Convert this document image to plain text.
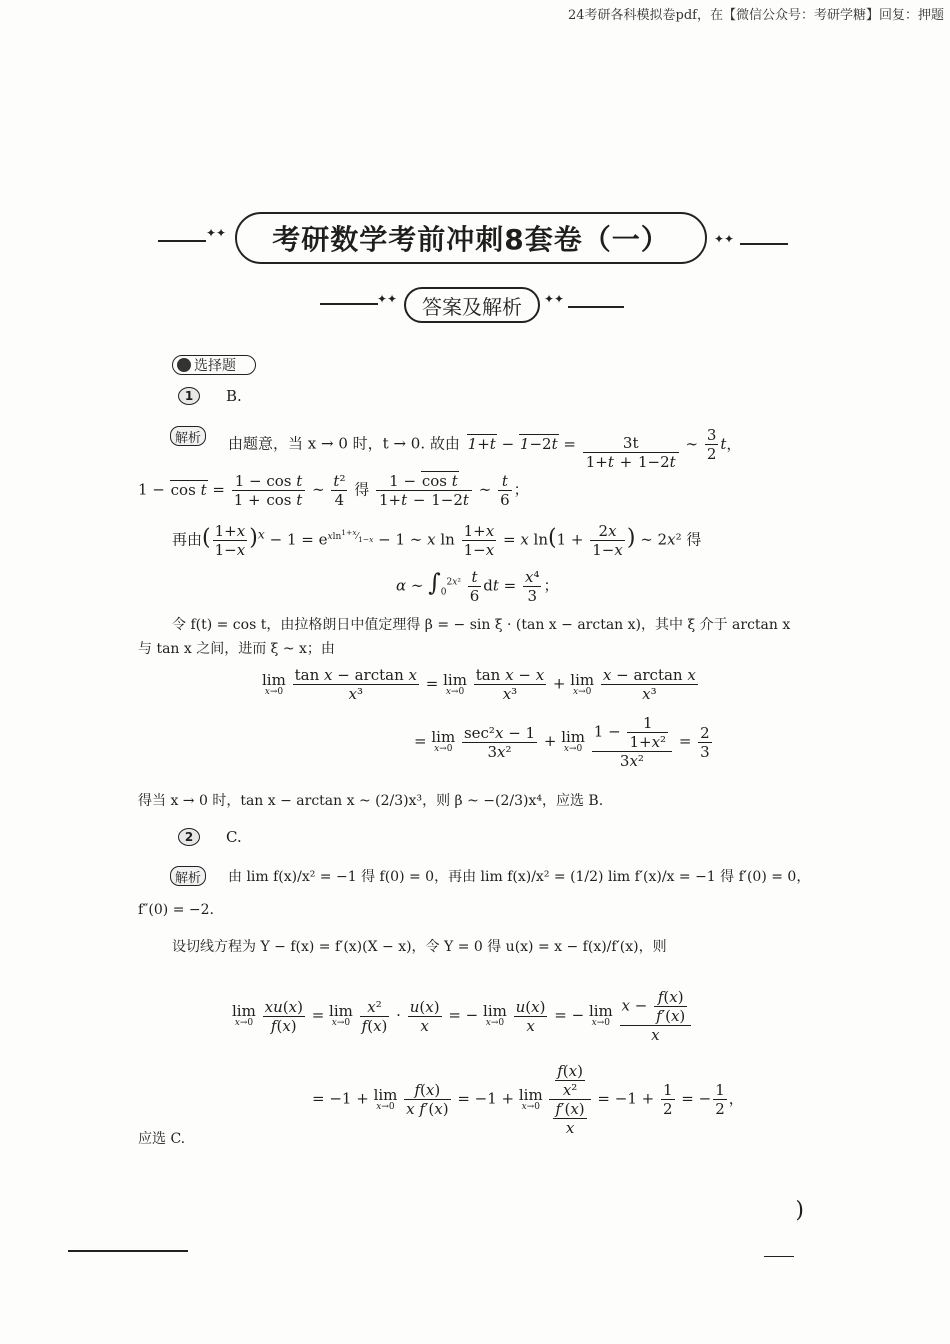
24考研各科模拟卷pdf，在【微信公众号：考研学糖】回复：押题
✦✦	考研数学考前冲刺8套卷（一）	✦✦
✦✦	答案及解析	✦✦
选择题
1	B.
解析	由题意，当 x → 0 时，t → 0. 故由 $1+t - 1-2t = \frac{3t}{1+t + 1-2t}$ ∼ $\frac{3}{2}$ t，
$1 - \cos t = \frac{\text{1 − cos t}}{\text{1 + cos t}}$ ∼ $\frac{\text{t²}}{4}$ 得 $\frac{\text{1 − cos t}}{1+t - 1-2t}$ ∼ $\frac{t}{6}$ ；
再由( $\frac{1+x}{1-x} )^x - 1 = e^{xln^{1+x}⁄_{1-x}} - 1$ ∼ x $\ln \frac{1+x}{1-x} = x$ $\ln(1 + \frac{2x}{1-x}$ ) ∼ 2x² 得
α ∼ $\int_0^{2x^2} \frac{t}{6}$ dt = $\frac{\text{x⁴}}{3}$ ；
令 f(t) = cos t，由拉格朗日中值定理得 β = − sin ξ · (tan x − arctan x)，其中 ξ 介于 arctan x
与 tan x 之间，进而 ξ ~ x；由
lim
x→0
$\frac{\text{tan x − arctan x}}{\text{x³}} = \lim$
x→0
$\frac{\text{tan x − x}}{\text{x³}} + \lim$
x→0
$\frac{\text{x − arctan x}}{\text{x³}}$
= lim
x→0
$\frac{\text{sec²x − 1}}{\text{3x²}} + \lim$
x→0
$\frac{1 - \frac{1}{\text{1+x²}}}{\text{3x²}} = \frac{2}{3}$
得当 x → 0 时，tan x − arctan x ~ (2/3)x³，则 β ~ −(2/3)x⁴，应选 B.
2	C.
解析	由 lim f(x)/x² = −1 得 f(0) = 0，再由 lim f(x)/x² = (1/2) lim f′(x)/x = −1 得 f′(0) = 0，
f″(0) = −2.
设切线方程为 Y − f(x) = f′(x)(X − x)，令 Y = 0 得 u(x) = x − f(x)/f′(x)，则
lim
x→0
$\frac{xu(x)}{f(x)} = \lim$
x→0
$\frac{\text{x²}}{f(x)} \cdot \frac{u(x)}{x}$ = − lim
x→0
$\frac{u(x)}{x}$ = − lim
x→0
$\frac{x - \frac{f(x)}{f'(x)}}{x}$
= −1 + lim
x→0
$\frac{f(x)}{\text{x f′(x)}} = -1 + \lim$
x→0
$\frac{\frac{f(x)}{\text{x²}}}{\frac{f'(x)}{x}} = -1 + \frac{1}{2}$ = − $\frac{1}{2}$ ，
应选 C.
)
